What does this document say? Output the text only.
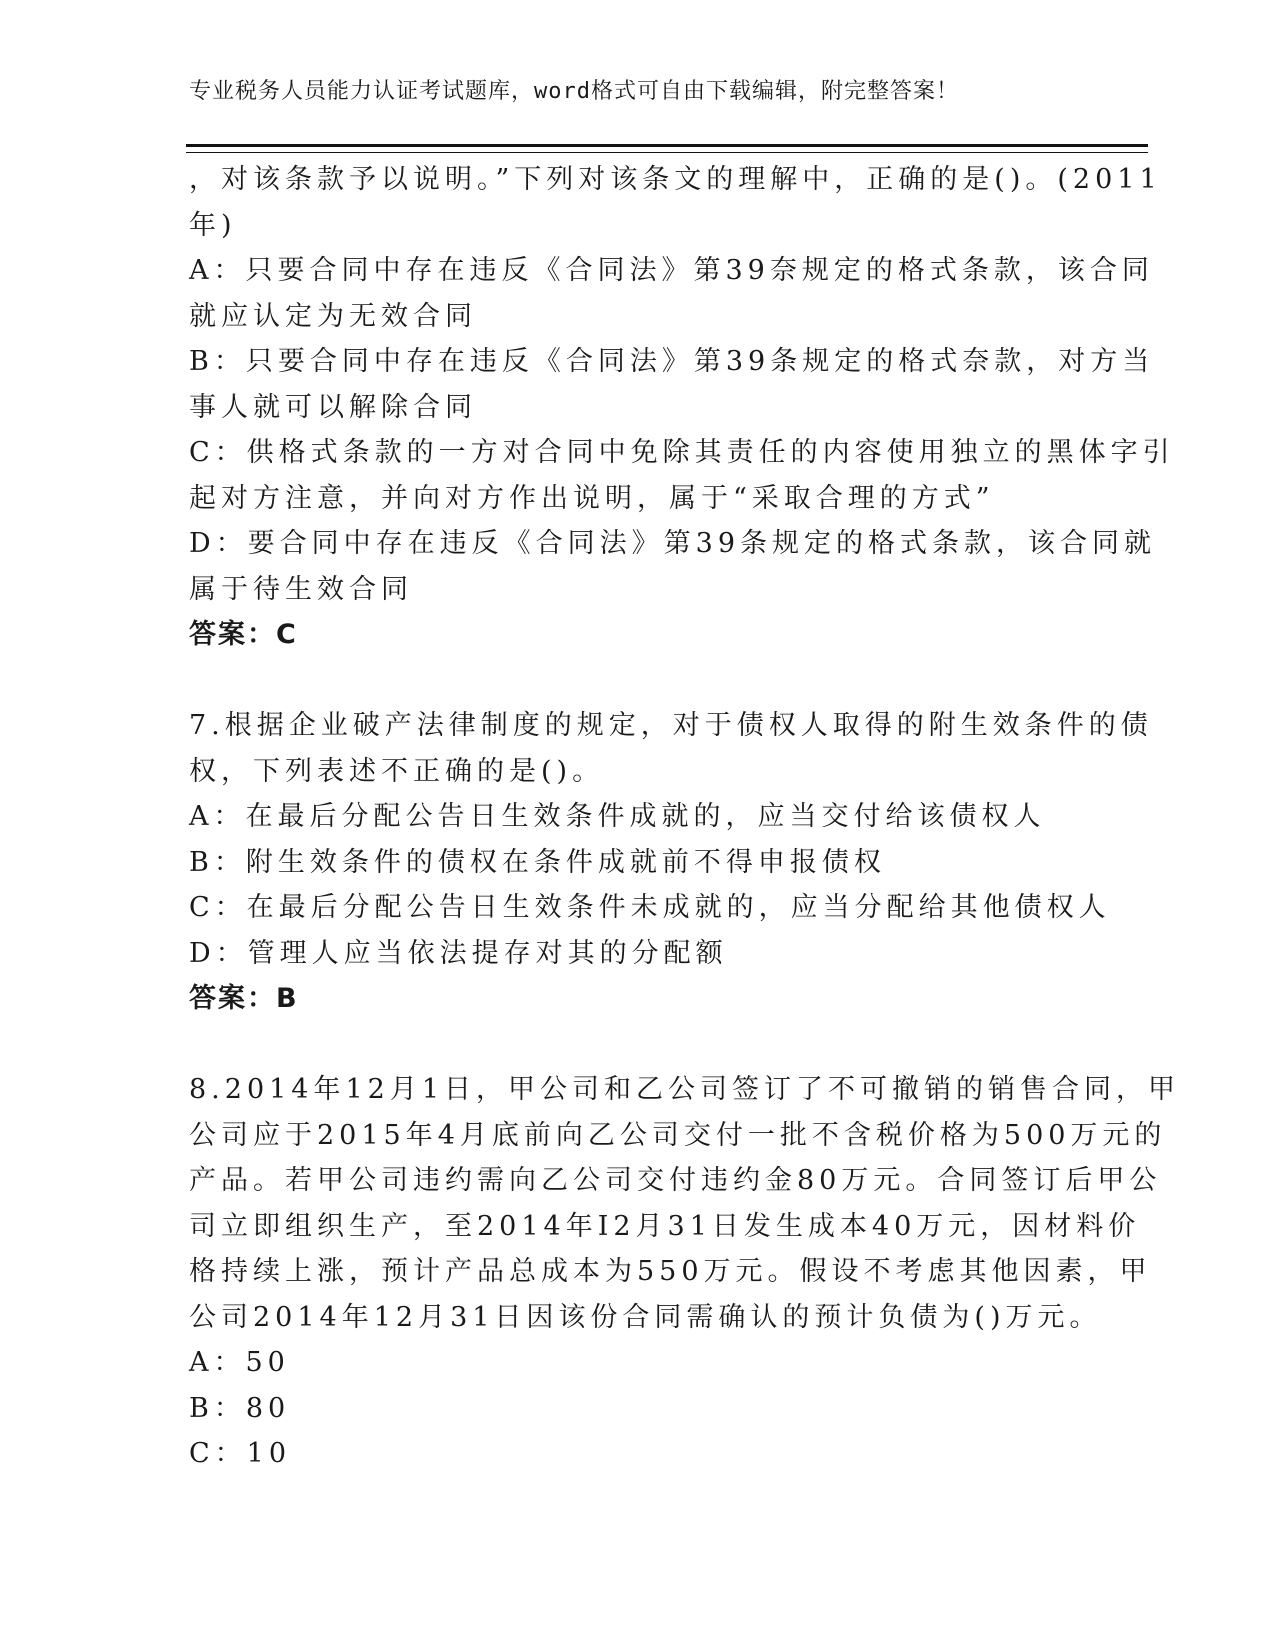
专业税务人员能力认证考试题库，word格式可自由下载编辑，附完整答案！
，对该条款予以说明。”下列对该条文的理解中，正确的是()。(2011
年)
A：只要合同中存在违反《合同法》第39奈规定的格式条款，该合同
就应认定为无效合同
B：只要合同中存在违反《合同法》第39条规定的格式奈款，对方当
事人就可以解除合同
C：供格式条款的一方对合同中免除其责任的内容使用独立的黑体字引
起对方注意，并向对方作出说明，属于“采取合理的方式”
D：要合同中存在违反《合同法》第39条规定的格式条款，该合同就
属于待生效合同
答案：C
7.根据企业破产法律制度的规定，对于债权人取得的附生效条件的债
权，下列表述不正确的是()。
A：在最后分配公告日生效条件成就的，应当交付给该债权人
B：附生效条件的债权在条件成就前不得申报债权
C：在最后分配公告日生效条件未成就的，应当分配给其他债权人
D：管理人应当依法提存对其的分配额
答案：B
8.2014年12月1日，甲公司和乙公司签订了不可撤销的销售合同，甲
公司应于2015年4月底前向乙公司交付一批不含税价格为500万元的
产品。若甲公司违约需向乙公司交付违约金80万元。合同签订后甲公
司立即组织生产，至2014年I2月31日发生成本40万元，因材料价
格持续上涨，预计产品总成本为550万元。假设不考虑其他因素，甲
公司2014年12月31日因该份合同需确认的预计负债为()万元。
A：50
B：80
C：10
